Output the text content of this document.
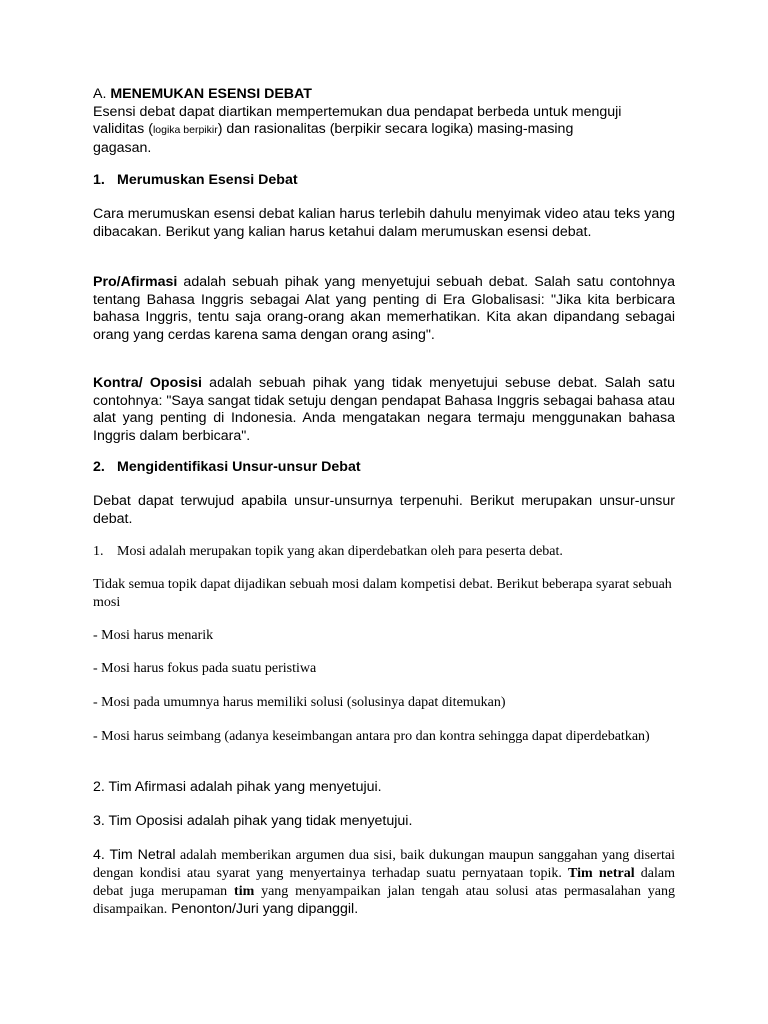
A. MENEMUKAN ESENSI DEBAT
Esensi debat dapat diartikan mempertemukan dua pendapat berbeda untuk menguji
validitas (logika berpikir) dan rasionalitas (berpikir secara logika) masing-masing
gagasan.
1. Merumuskan Esensi Debat
Cara merumuskan esensi debat kalian harus terlebih dahulu menyimak video atau teks yang dibacakan. Berikut yang kalian harus ketahui dalam merumuskan esensi debat.
Pro/Afirmasi adalah sebuah pihak yang menyetujui sebuah debat. Salah satu contohnya tentang Bahasa Inggris sebagai Alat yang penting di Era Globalisasi: "Jika kita berbicara bahasa Inggris, tentu saja orang-orang akan memerhatikan. Kita akan dipandang sebagai orang yang cerdas karena sama dengan orang asing".
Kontra/ Oposisi adalah sebuah pihak yang tidak menyetujui sebuse debat. Salah satu contohnya: "Saya sangat tidak setuju dengan pendapat Bahasa Inggris sebagai bahasa atau alat yang penting di Indonesia. Anda mengatakan negara termaju menggunakan bahasa Inggris dalam berbicara".
2. Mengidentifikasi Unsur-unsur Debat
Debat dapat terwujud apabila unsur-unsurnya terpenuhi. Berikut merupakan unsur-unsur debat.
1. Mosi adalah merupakan topik yang akan diperdebatkan oleh para peserta debat.
Tidak semua topik dapat dijadikan sebuah mosi dalam kompetisi debat. Berikut beberapa syarat sebuah mosi
- Mosi harus menarik
- Mosi harus fokus pada suatu peristiwa
- Mosi pada umumnya harus memiliki solusi (solusinya dapat ditemukan)
- Mosi harus seimbang (adanya keseimbangan antara pro dan kontra sehingga dapat diperdebatkan)
2. Tim Afirmasi adalah pihak yang menyetujui.
3. Tim Oposisi adalah pihak yang tidak menyetujui.
4. Tim Netral adalah memberikan argumen dua sisi, baik dukungan maupun sanggahan yang disertai dengan kondisi atau syarat yang menyertainya terhadap suatu pernyataan topik. Tim netral dalam debat juga merupaman tim yang menyampaikan jalan tengah atau solusi atas permasalahan yang disampaikan. Penonton/Juri yang dipanggil.
